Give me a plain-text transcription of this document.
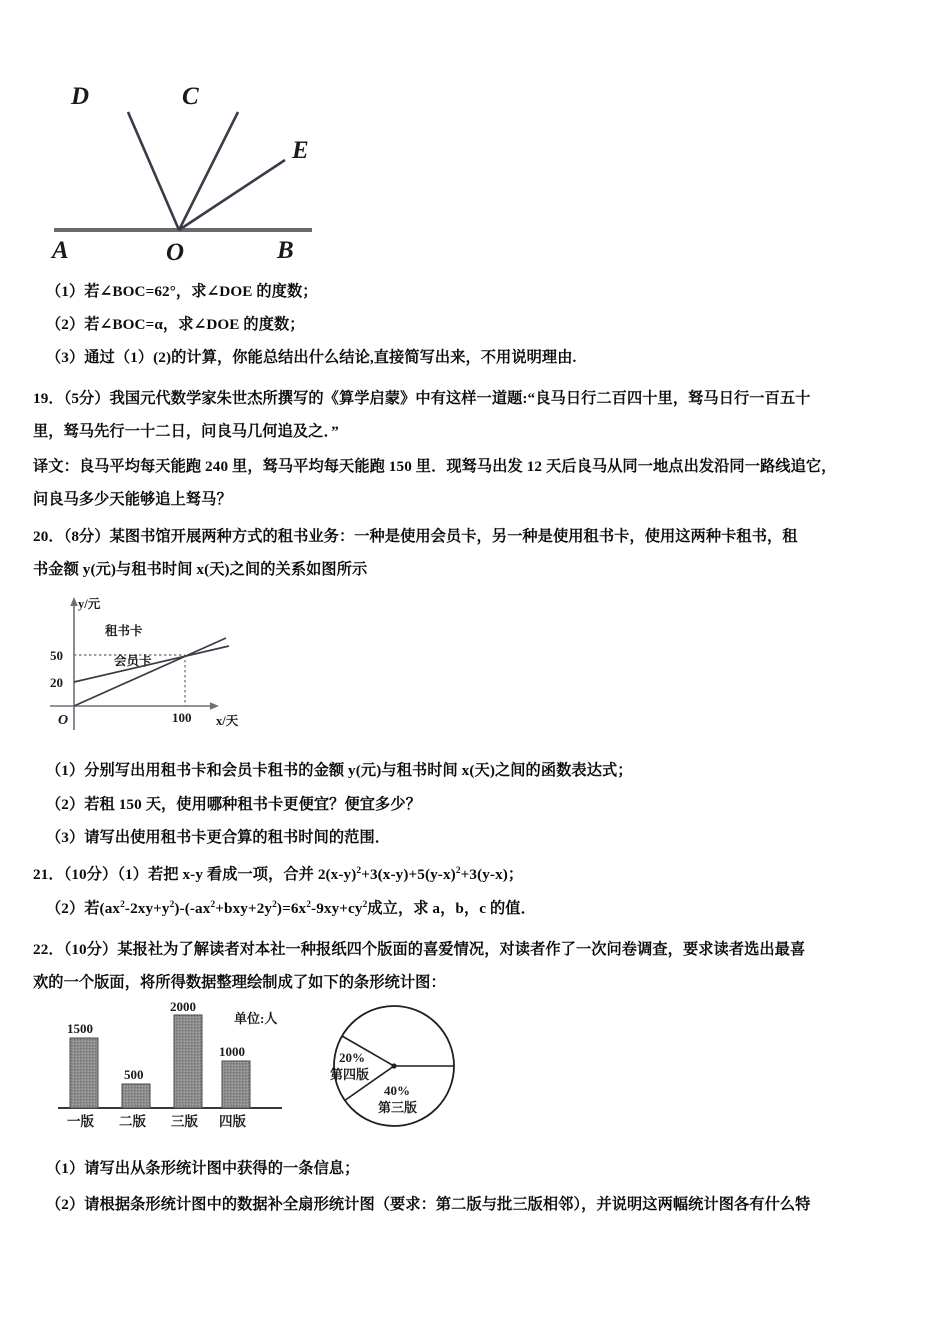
D	C
E
A	O	B
（1）若∠BOC=62°，求∠DOE 的度数；
（2）若∠BOC=α，求∠DOE 的度数；
（3）通过（1）(2)的计算，你能总结出什么结论,直接简写出来，不用说明理由.
19．（5分）我国元代数学家朱世杰所撰写的《算学启蒙》中有这样一道题:“良马日行二百四十里，驽马日行一百五十
里，驽马先行一十二日，问良马几何追及之．”
译文：良马平均每天能跑 240 里，驽马平均每天能跑 150 里．现驽马出发 12 天后良马从同一地点出发沿同一路线追它，
问良马多少天能够追上驽马？
20．（8分）某图书馆开展两种方式的租书业务：一种是使用会员卡，另一种是使用租书卡，使用这两种卡租书，租
书金额 y(元)与租书时间 x(天)之间的关系如图所示
50
20
100
O
y/元
x/天
租书卡
会员卡
（1）分别写出用租书卡和会员卡租书的金额 y(元)与租书时间 x(天)之间的函数表达式；
（2）若租 150 天，使用哪种租书卡更便宜？便宜多少？
（3）请写出使用租书卡更合算的租书时间的范围．
21．（10分）（1）若把 x-y 看成一项，合并 $2(x-y)^2+3(x-y)+5(y-x)^2+3(y-x)$；
（2）若$(ax^2-2xy+y^2)-(-ax^2+bxy+2y^2)=6x^2-9xy+cy^2$成立，求 a，b，c 的值．
22．（10分）某报社为了解读者对本社一种报纸四个版面的喜爱情况，对读者作了一次问卷调查，要求读者选出最喜
欢的一个版面，将所得数据整理绘制成了如下的条形统计图：
1500
500
2000
1000
一版 二版 三版 四版
单位:人
20%
第四版
40%
第三版
（1）请写出从条形统计图中获得的一条信息；
（2）请根据条形统计图中的数据补全扇形统计图（要求：第二版与批三版相邻），并说明这两幅统计图各有什么特
